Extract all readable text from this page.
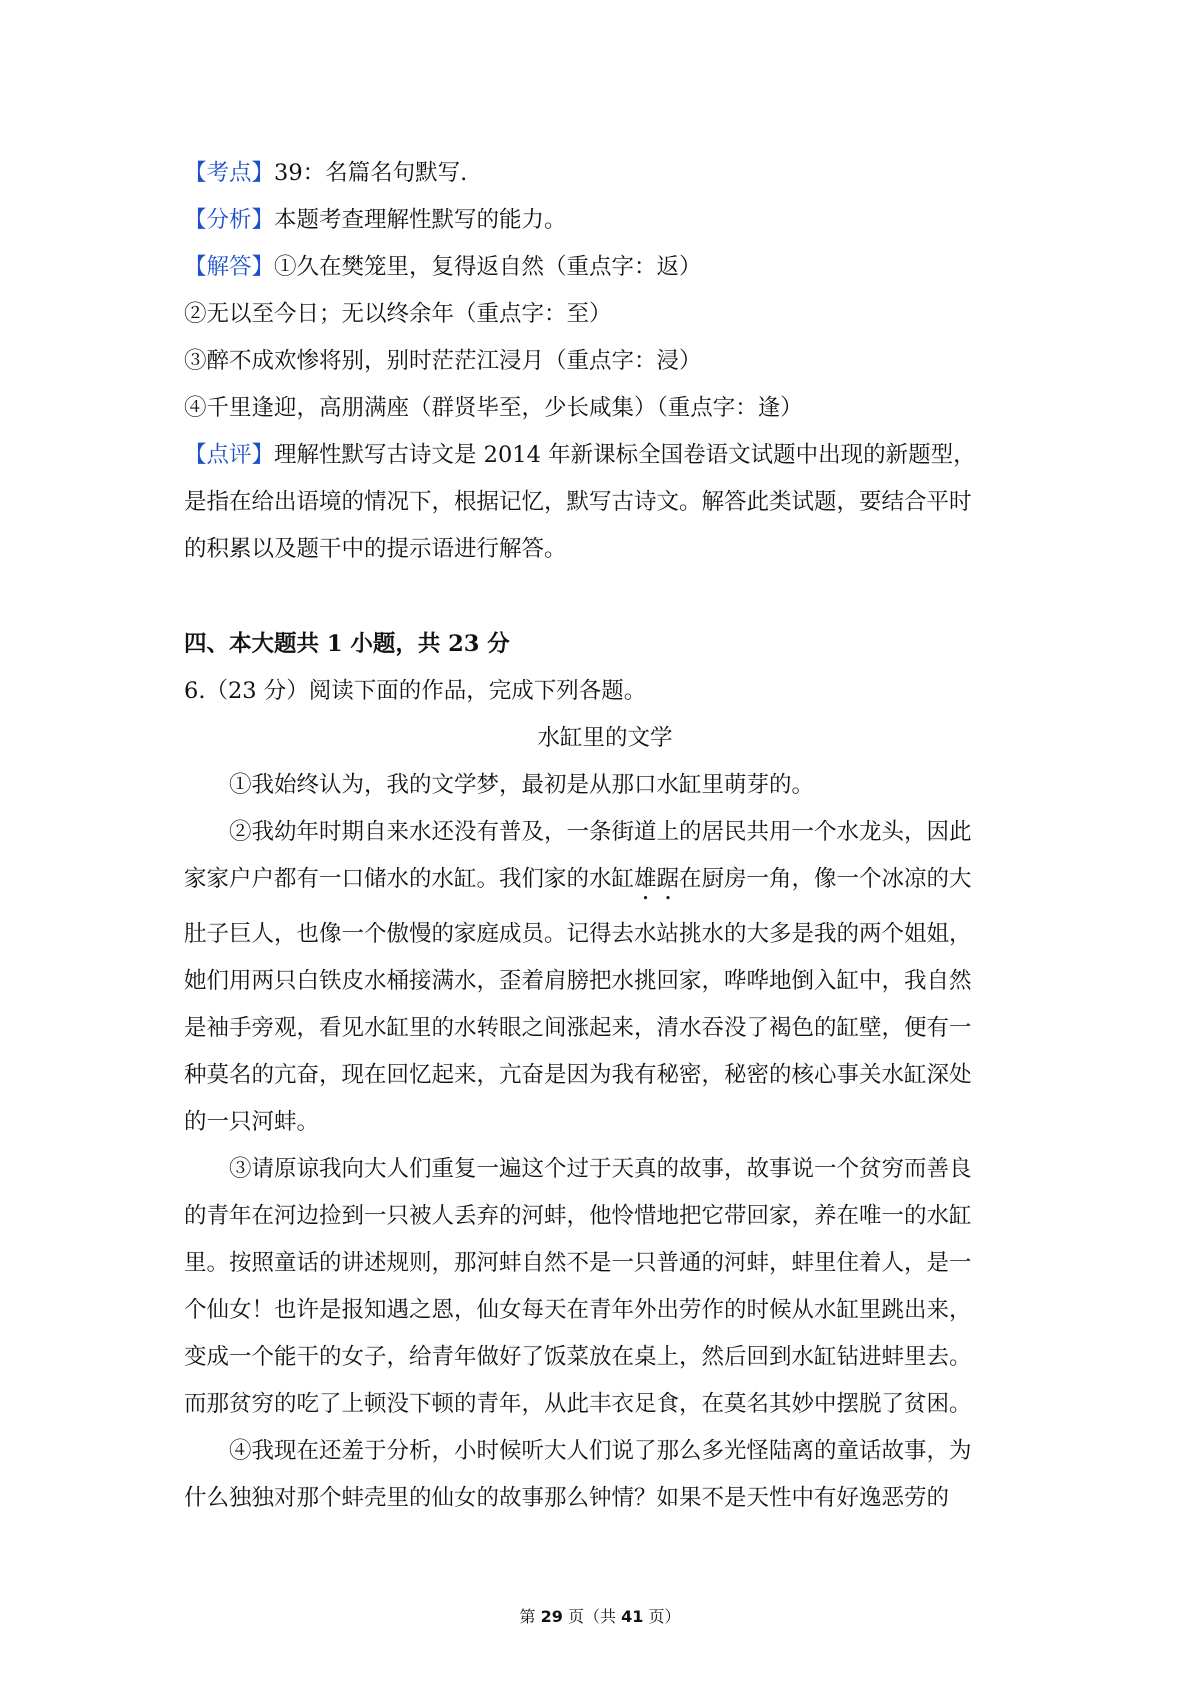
【考点】39：名篇名句默写.

【分析】本题考查理解性默写的能力。

【解答】①久在樊笼里，复得返自然（重点字：返）

②无以至今日；无以终余年（重点字：至）

③醉不成欢惨将别，别时茫茫江浸月（重点字：浸）

④千里逢迎，高朋满座（群贤毕至，少长咸集）（重点字：逢）

【点评】理解性默写古诗文是 2014 年新课标全国卷语文试题中出现的新题型，

是指在给出语境的情况下，根据记忆，默写古诗文。解答此类试题，要结合平时

的积累以及题干中的提示语进行解答。

四、本大题共 1 小题，共 23 分

6.（23 分）阅读下面的作品，完成下列各题。

水缸里的文学

①我始终认为，我的文学梦，最初是从那口水缸里萌芽的。

②我幼年时期自来水还没有普及，一条街道上的居民共用一个水龙头，因此

家家户户都有一口储水的水缸。我们家的水缸雄踞在厨房一角，像一个冰凉的大

肚子巨人，也像一个傲慢的家庭成员。记得去水站挑水的大多是我的两个姐姐，

她们用两只白铁皮水桶接满水，歪着肩膀把水挑回家，哗哗地倒入缸中，我自然

是袖手旁观，看见水缸里的水转眼之间涨起来，清水吞没了褐色的缸壁，便有一

种莫名的亢奋，现在回忆起来，亢奋是因为我有秘密，秘密的核心事关水缸深处

的一只河蚌。

③请原谅我向大人们重复一遍这个过于天真的故事，故事说一个贫穷而善良

的青年在河边捡到一只被人丢弃的河蚌，他怜惜地把它带回家，养在唯一的水缸

里。按照童话的讲述规则，那河蚌自然不是一只普通的河蚌，蚌里住着人，是一

个仙女！也许是报知遇之恩，仙女每天在青年外出劳作的时候从水缸里跳出来，

变成一个能干的女子，给青年做好了饭菜放在桌上，然后回到水缸钻进蚌里去。

而那贫穷的吃了上顿没下顿的青年，从此丰衣足食，在莫名其妙中摆脱了贫困。

④我现在还羞于分析，小时候听大人们说了那么多光怪陆离的童话故事，为

什么独独对那个蚌壳里的仙女的故事那么钟情？如果不是天性中有好逸恶劳的

第 29 页（共 41 页）
